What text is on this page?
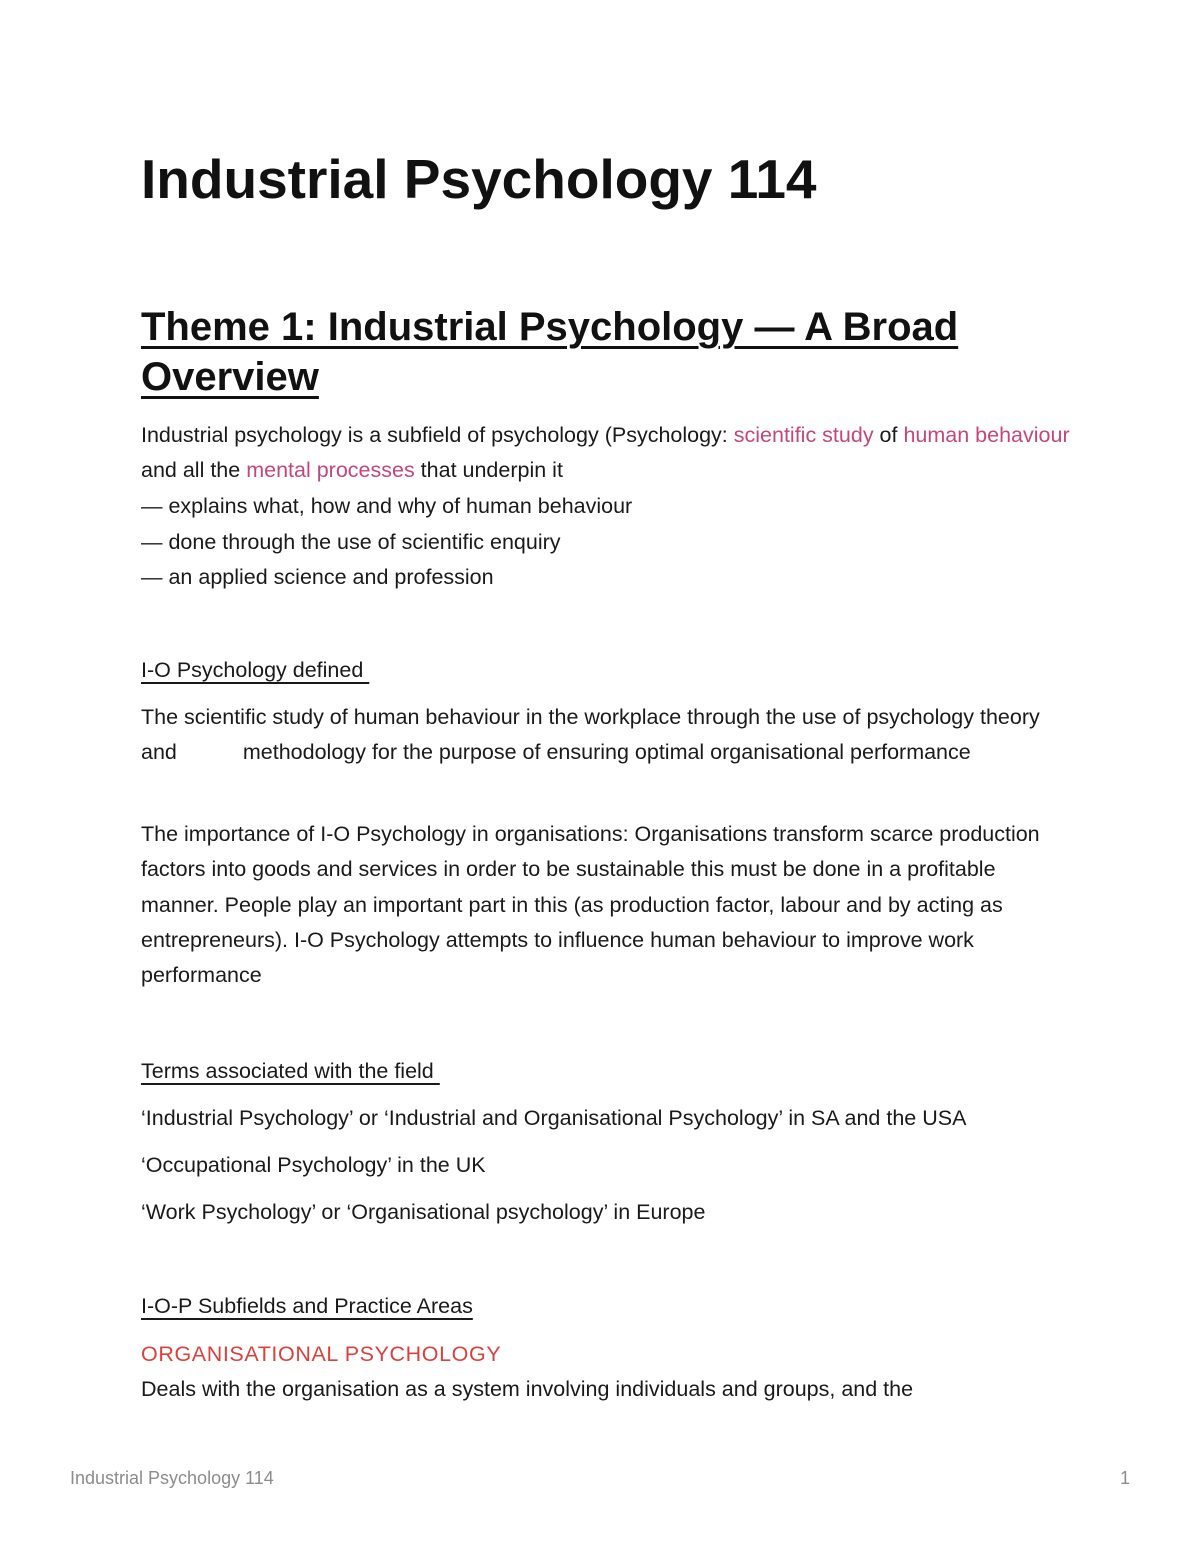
Industrial Psychology 114
Theme 1: Industrial Psychology — A Broad Overview

Industrial psychology is a subfield of psychology (Psychology: scientific study of human behaviour and all the mental processes that underpin it

— explains what, how and why of human behaviour

— done through the use of scientific enquiry

— an applied science and profession

I-O Psychology defined

The scientific study of human behaviour in the workplace through the use of psychology theory and	methodology for the purpose of ensuring optimal organisational performance

The importance of I-O Psychology in organisations: Organisations transform scarce production factors into goods and services in order to be sustainable this must be done in a profitable manner. People play an important part in this (as production factor, labour and by acting as entrepreneurs). I-O Psychology attempts to influence human behaviour to improve work performance

Terms associated with the field

‘Industrial Psychology’ or ‘Industrial and Organisational Psychology’ in SA and the USA

‘Occupational Psychology’ in the UK

‘Work Psychology’ or ‘Organisational psychology’ in Europe

I-O-P Subfields and Practice Areas

ORGANISATIONAL PSYCHOLOGY

Deals with the organisation as a system involving individuals and groups, and the

Industrial Psychology 114	1
